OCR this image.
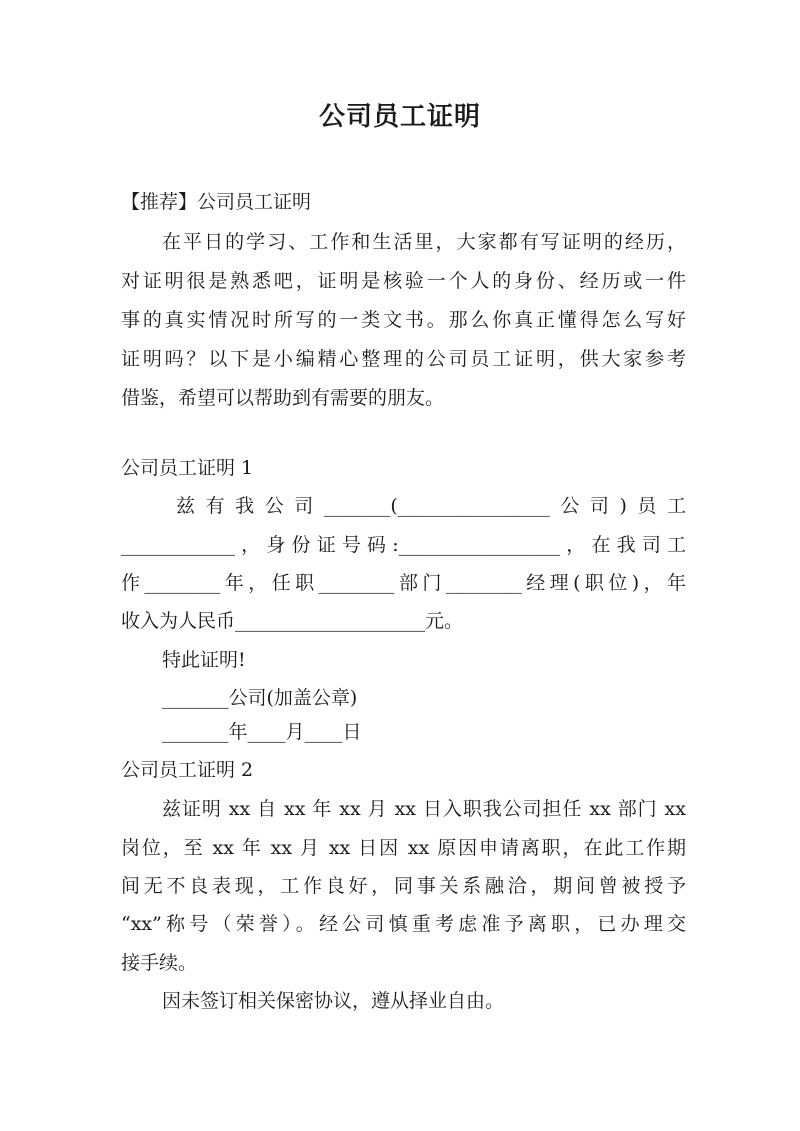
公司员工证明
【推荐】公司员工证明
在平日的学习、工作和生活里，大家都有写证明的经历，
对证明很是熟悉吧，证明是核验一个人的身份、经历或一件
事的真实情况时所写的一类文书。那么你真正懂得怎么写好
证明吗？以下是小编精心整理的公司员工证明，供大家参考
借鉴，希望可以帮助到有需要的朋友。
公司员工证明 1
兹有我公司_______(________________公司)员工
____________，身份证号码:_________________，在我司工
作________年，任职________部门________经理(职位)，年
收入为人民币____________________元。
特此证明!
_______公司(加盖公章)
_______年____月____日
公司员工证明 2
兹证明 xx 自 xx 年 xx 月 xx 日入职我公司担任 xx 部门 xx
岗位，至 xx 年 xx 月 xx 日因 xx 原因申请离职，在此工作期
间无不良表现，工作良好，同事关系融洽，期间曾被授予
“xx”称号（荣誉）。经公司慎重考虑准予离职，已办理交
接手续。
因未签订相关保密协议，遵从择业自由。
